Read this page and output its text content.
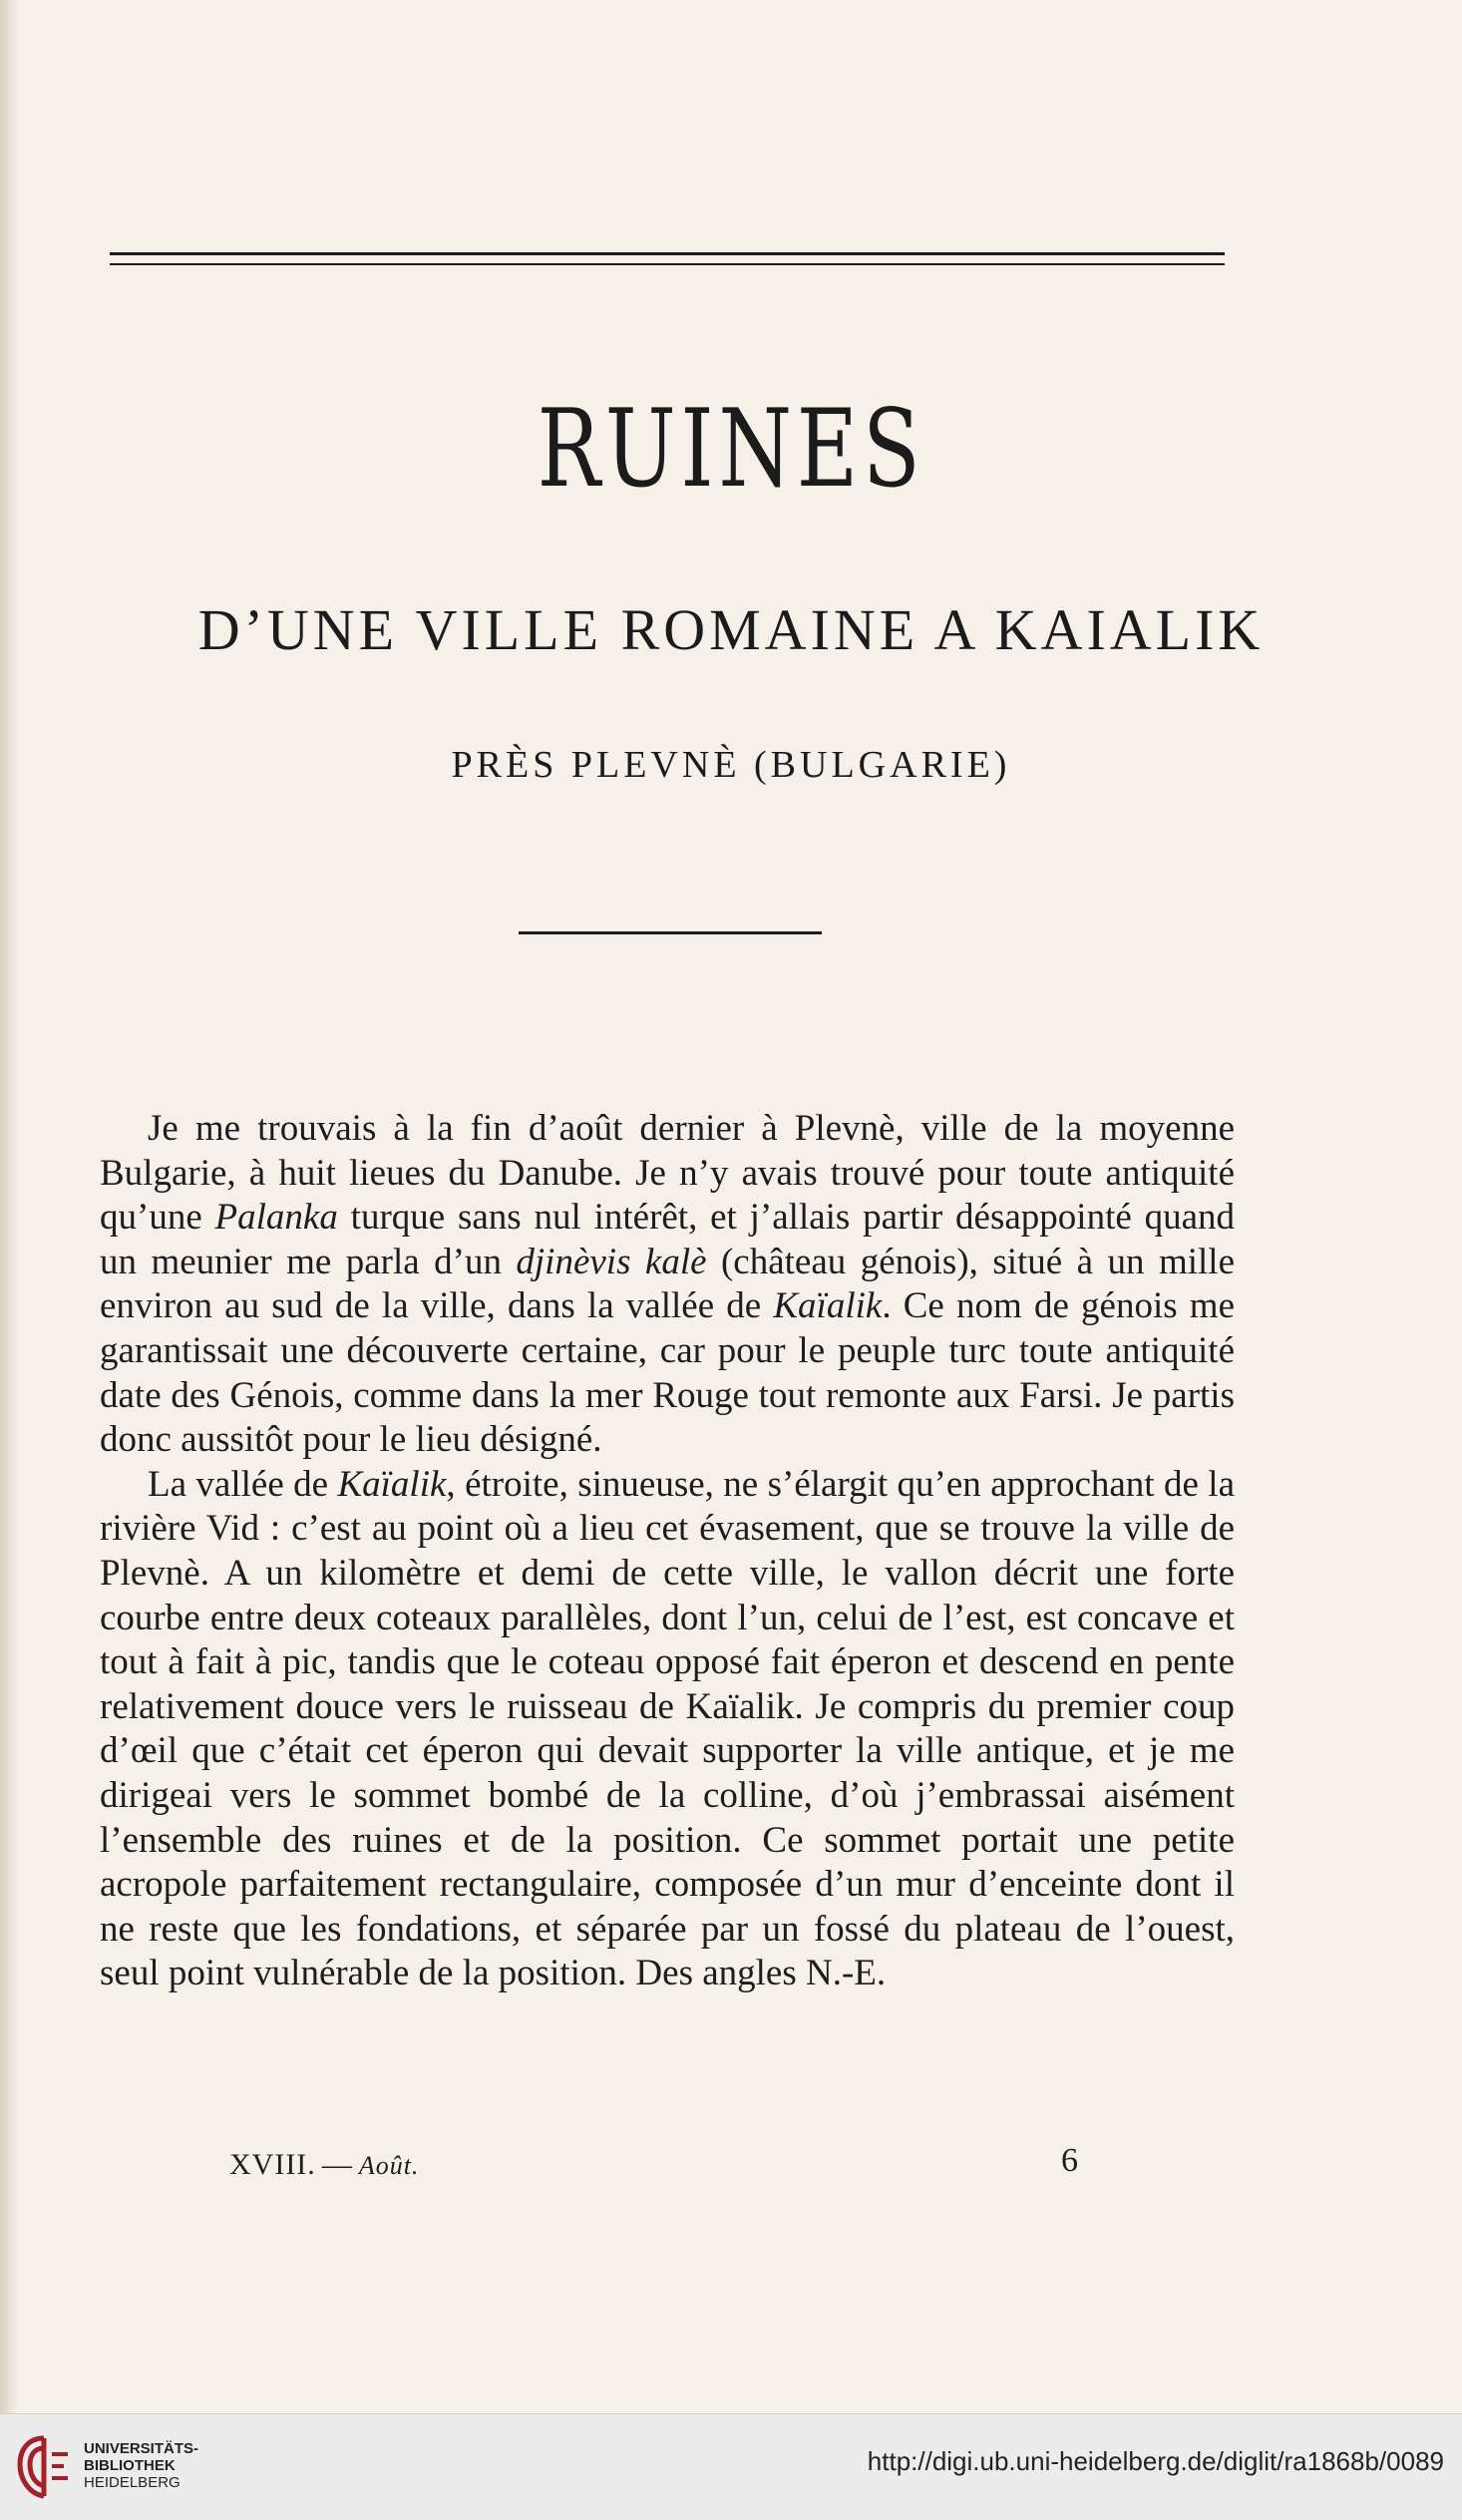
RUINES
D’UNE VILLE ROMAINE A KAIALIK
PRÈS PLEVNÈ (BULGARIE)

Je me trouvais à la fin d’août dernier à Plevnè, ville de la moyenne Bulgarie, à huit lieues du Danube. Je n’y avais trouvé pour toute antiquité qu’une Palanka turque sans nul intérêt, et j’allais partir désappointé quand un meunier me parla d’un djinèvis kalè (château génois), situé à un mille environ au sud de la ville, dans la vallée de Kaïalik. Ce nom de génois me garantissait une découverte certaine, car pour le peuple turc toute antiquité date des Génois, comme dans la mer Rouge tout remonte aux Farsi. Je partis donc aussitôt pour le lieu désigné.

La vallée de Kaïalik, étroite, sinueuse, ne s’élargit qu’en approchant de la rivière Vid : c’est au point où a lieu cet évasement, que se trouve la ville de Plevnè. A un kilomètre et demi de cette ville, le vallon décrit une forte courbe entre deux coteaux parallèles, dont l’un, celui de l’est, est concave et tout à fait à pic, tandis que le coteau opposé fait éperon et descend en pente relativement douce vers le ruisseau de Kaïalik. Je compris du premier coup d’œil que c’était cet éperon qui devait supporter la ville antique, et je me dirigeai vers le sommet bombé de la colline, d’où j’embrassai aisément l’ensemble des ruines et de la position. Ce sommet portait une petite acropole parfaitement rectangulaire, composée d’un mur d’enceinte dont il ne reste que les fondations, et séparée par un fossé du plateau de l’ouest, seul point vulnérable de la position. Des angles N.-E.

XVIII. — Août.	6
UNIVERSITÄTS-
BIBLIOTHEK
HEIDELBERG
http://digi.ub.uni-heidelberg.de/diglit/ra1868b/0089
